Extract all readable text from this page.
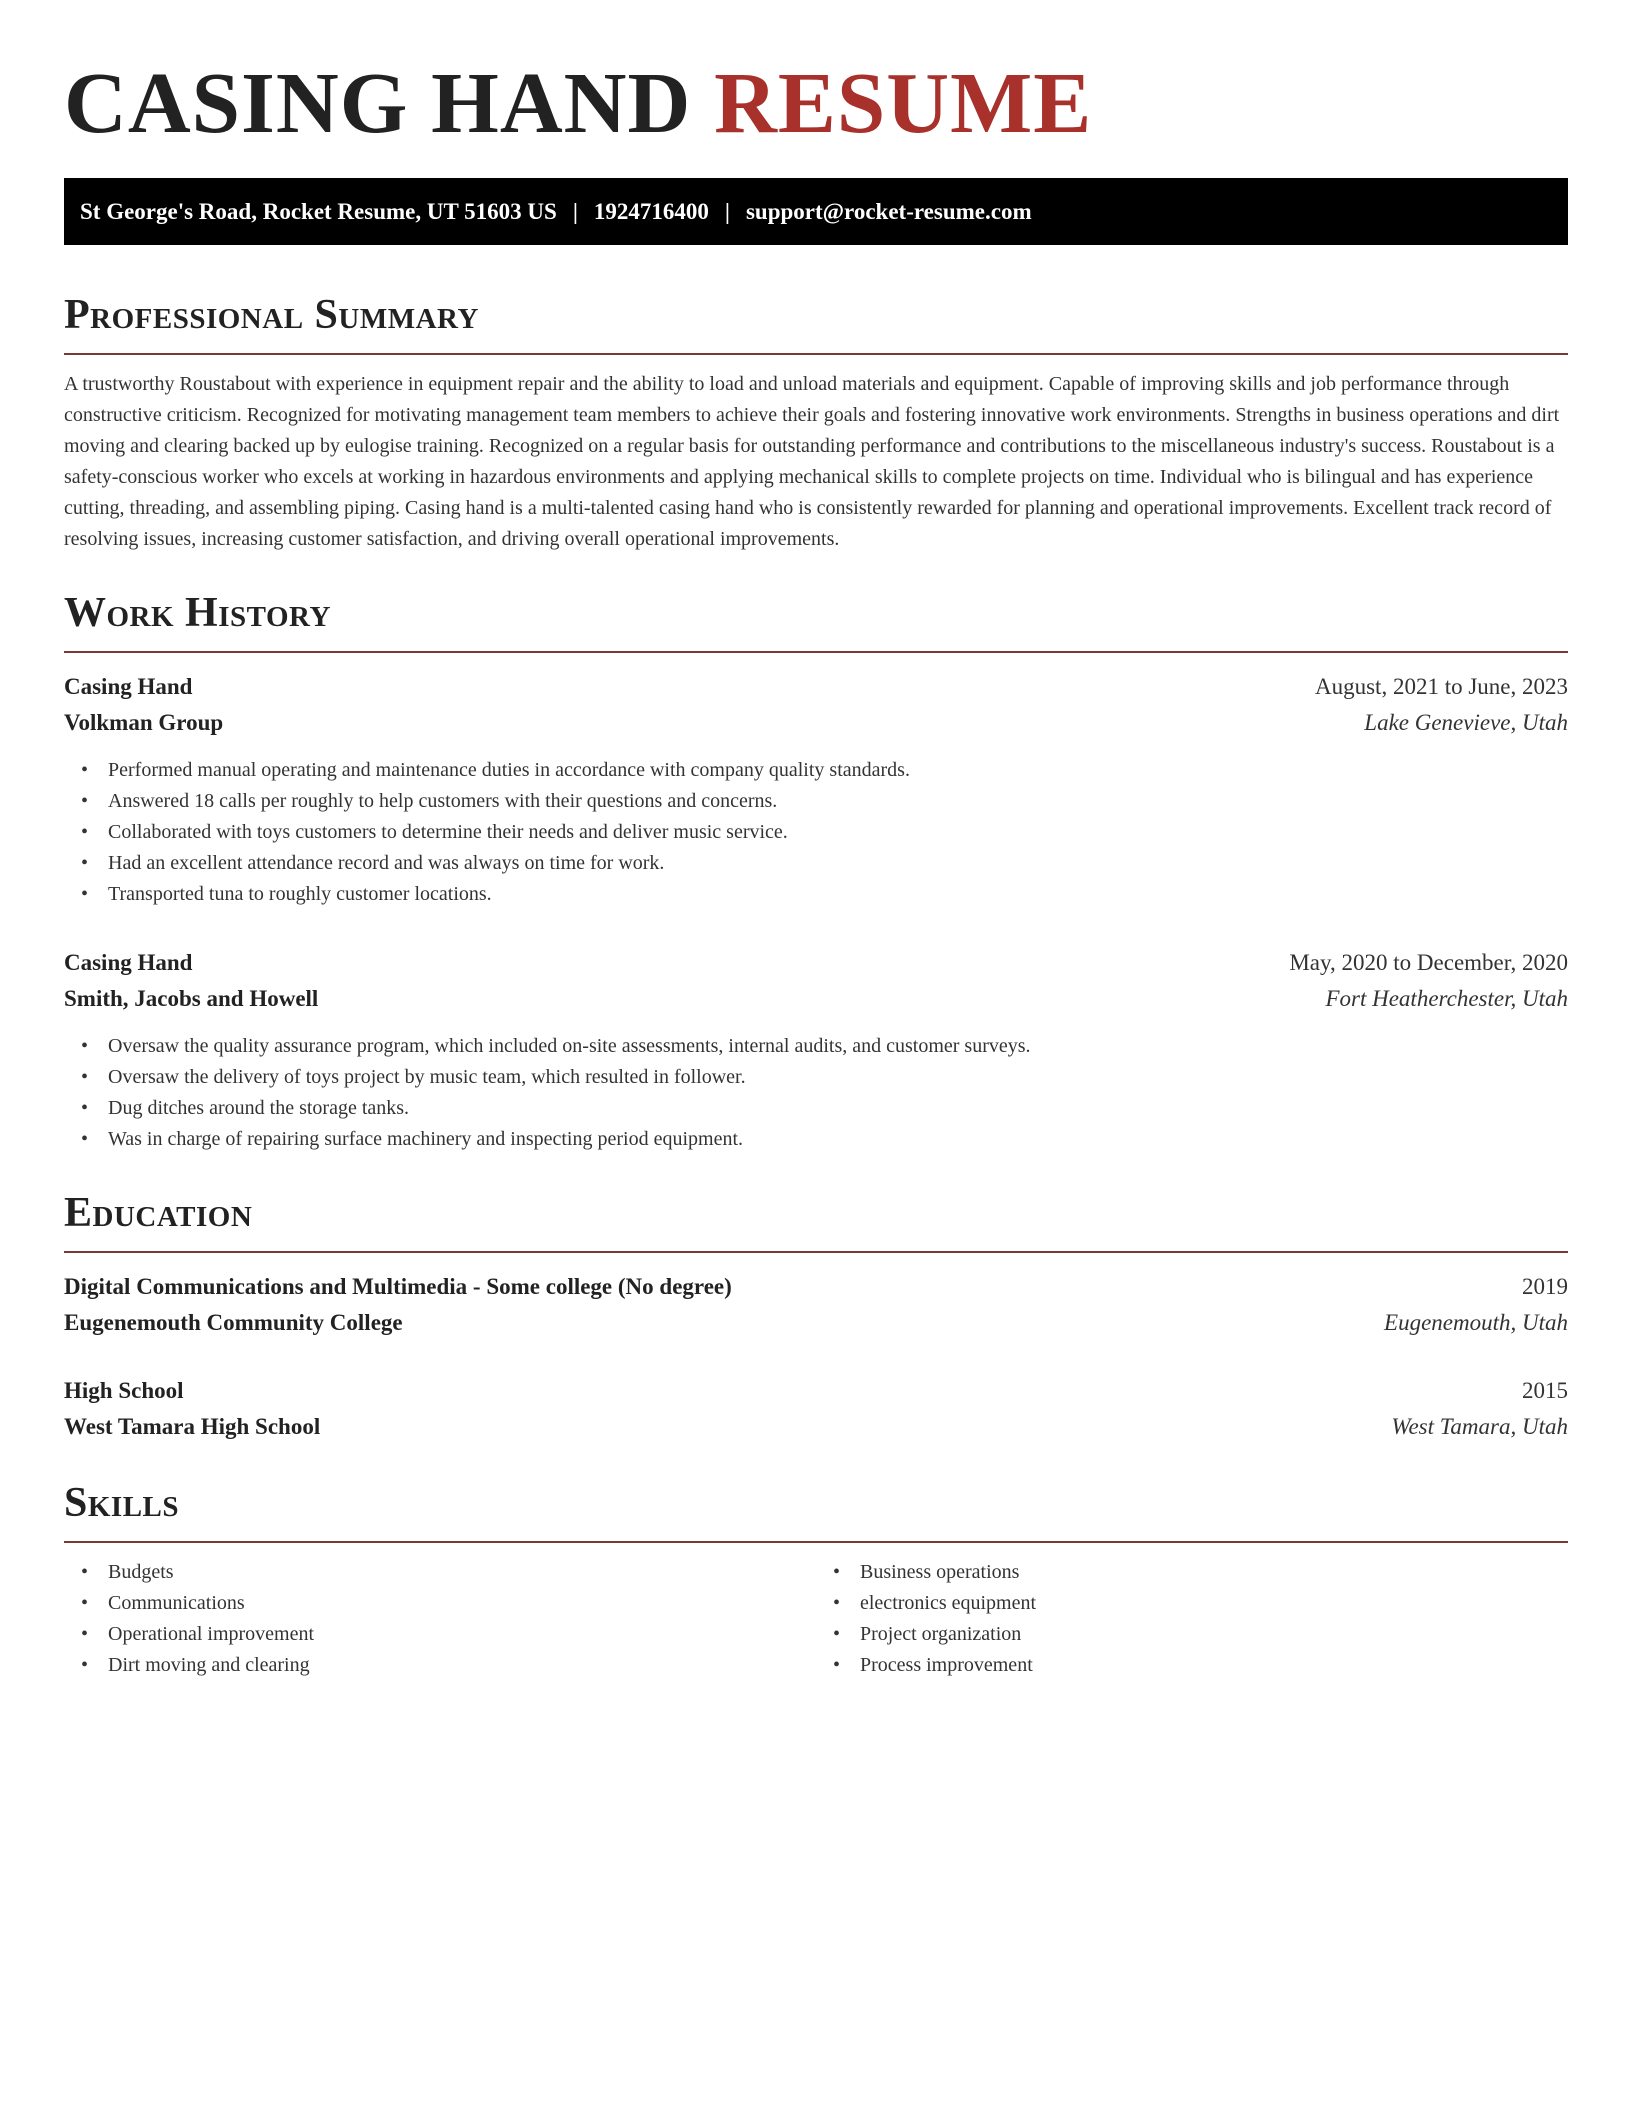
CASING HAND RESUME
St George's Road, Rocket Resume, UT 51603 US | 1924716400 | support@rocket-resume.com
Professional Summary

A trustworthy Roustabout with experience in equipment repair and the ability to load and unload materials and equipment. Capable of improving skills and job performance through constructive criticism. Recognized for motivating management team members to achieve their goals and fostering innovative work environments. Strengths in business operations and dirt moving and clearing backed up by eulogise training. Recognized on a regular basis for outstanding performance and contributions to the miscellaneous industry's success. Roustabout is a safety-conscious worker who excels at working in hazardous environments and applying mechanical skills to complete projects on time. Individual who is bilingual and has experience cutting, threading, and assembling piping. Casing hand is a multi-talented casing hand who is consistently rewarded for planning and operational improvements. Excellent track record of resolving issues, increasing customer satisfaction, and driving overall operational improvements.

Work History
Casing Hand	August, 2021 to June, 2023
Volkman Group	Lake Genevieve, Utah
• Performed manual operating and maintenance duties in accordance with company quality standards.
• Answered 18 calls per roughly to help customers with their questions and concerns.
• Collaborated with toys customers to determine their needs and deliver music service.
• Had an excellent attendance record and was always on time for work.
• Transported tuna to roughly customer locations.
Casing Hand	May, 2020 to December, 2020
Smith, Jacobs and Howell	Fort Heatherchester, Utah
• Oversaw the quality assurance program, which included on-site assessments, internal audits, and customer surveys.
• Oversaw the delivery of toys project by music team, which resulted in follower.
• Dug ditches around the storage tanks.
• Was in charge of repairing surface machinery and inspecting period equipment.
Education
Digital Communications and Multimedia - Some college (No degree)	2019
Eugenemouth Community College	Eugenemouth, Utah
High School	2015
West Tamara High School	West Tamara, Utah
Skills
• Budgets
• Communications
• Operational improvement
• Dirt moving and clearing
• Business operations
• electronics equipment
• Project organization
• Process improvement
